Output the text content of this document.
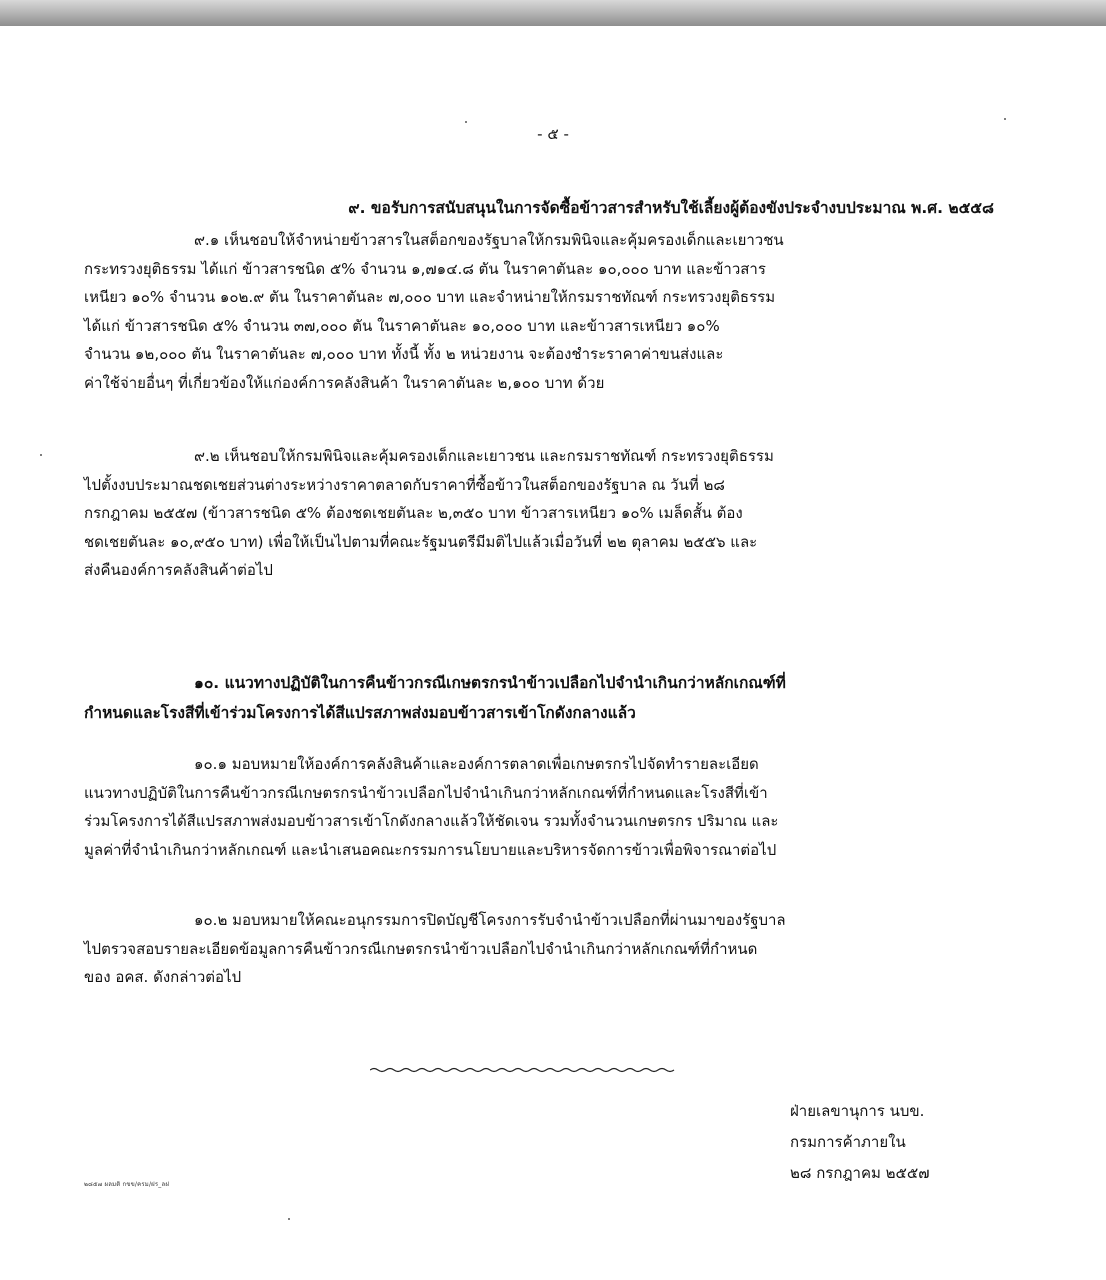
- ๕ -
๙. ขอรับการสนับสนุนในการจัดซื้อข้าวสารสำหรับใช้เลี้ยงผู้ต้องขังประจำงบประมาณ พ.ศ. ๒๕๕๘
๙.๑ เห็นชอบให้จำหน่ายข้าวสารในสต็อกของรัฐบาลให้กรมพินิจและคุ้มครองเด็กและเยาวชน
กระทรวงยุติธรรม ได้แก่ ข้าวสารชนิด ๕% จำนวน ๑,๗๑๔.๘ ตัน ในราคาตันละ ๑๐,๐๐๐ บาท และข้าวสาร
เหนียว ๑๐% จำนวน ๑๐๒.๙ ตัน ในราคาตันละ ๗,๐๐๐ บาท และจำหน่ายให้กรมราชทัณฑ์ กระทรวงยุติธรรม
ได้แก่ ข้าวสารชนิด ๕% จำนวน ๓๗,๐๐๐ ตัน ในราคาตันละ ๑๐,๐๐๐ บาท และข้าวสารเหนียว ๑๐%
จำนวน ๑๒,๐๐๐ ตัน ในราคาตันละ ๗,๐๐๐ บาท ทั้งนี้ ทั้ง ๒ หน่วยงาน จะต้องชำระราคาค่าขนส่งและ
ค่าใช้จ่ายอื่นๆ ที่เกี่ยวข้องให้แก่องค์การคลังสินค้า ในราคาตันละ ๒,๑๐๐ บาท ด้วย
๙.๒ เห็นชอบให้กรมพินิจและคุ้มครองเด็กและเยาวชน และกรมราชทัณฑ์ กระทรวงยุติธรรม
ไปตั้งงบประมาณชดเชยส่วนต่างระหว่างราคาตลาดกับราคาที่ซื้อข้าวในสต็อกของรัฐบาล ณ วันที่ ๒๘
กรกฎาคม ๒๕๕๗ (ข้าวสารชนิด ๕% ต้องชดเชยตันละ ๒,๓๕๐ บาท ข้าวสารเหนียว ๑๐% เมล็ดสั้น ต้อง
ชดเชยตันละ ๑๐,๙๕๐ บาท) เพื่อให้เป็นไปตามที่คณะรัฐมนตรีมีมติไปแล้วเมื่อวันที่ ๒๒ ตุลาคม ๒๕๕๖ และ
ส่งคืนองค์การคลังสินค้าต่อไป
๑๐. แนวทางปฏิบัติในการคืนข้าวกรณีเกษตรกรนำข้าวเปลือกไปจำนำเกินกว่าหลักเกณฑ์ที่
กำหนดและโรงสีที่เข้าร่วมโครงการได้สีแปรสภาพส่งมอบข้าวสารเข้าโกดังกลางแล้ว
๑๐.๑ มอบหมายให้องค์การคลังสินค้าและองค์การตลาดเพื่อเกษตรกรไปจัดทำรายละเอียด
แนวทางปฏิบัติในการคืนข้าวกรณีเกษตรกรนำข้าวเปลือกไปจำนำเกินกว่าหลักเกณฑ์ที่กำหนดและโรงสีที่เข้า
ร่วมโครงการได้สีแปรสภาพส่งมอบข้าวสารเข้าโกดังกลางแล้วให้ชัดเจน รวมทั้งจำนวนเกษตรกร ปริมาณ และ
มูลค่าที่จำนำเกินกว่าหลักเกณฑ์ และนำเสนอคณะกรรมการนโยบายและบริหารจัดการข้าวเพื่อพิจารณาต่อไป
๑๐.๒ มอบหมายให้คณะอนุกรรมการปิดบัญชีโครงการรับจำนำข้าวเปลือกที่ผ่านมาของรัฐบาล
ไปตรวจสอบรายละเอียดข้อมูลการคืนข้าวกรณีเกษตรกรนำข้าวเปลือกไปจำนำเกินกว่าหลักเกณฑ์ที่กำหนด
ของ อคส. ดังกล่าวต่อไป
ฝ่ายเลขานุการ นบข.
กรมการค้าภายใน
๒๘ กรกฎาคม ๒๕๕๗
๒๘๕๗ ผลมติ กขข/ครม/ฝร_ลฝ
